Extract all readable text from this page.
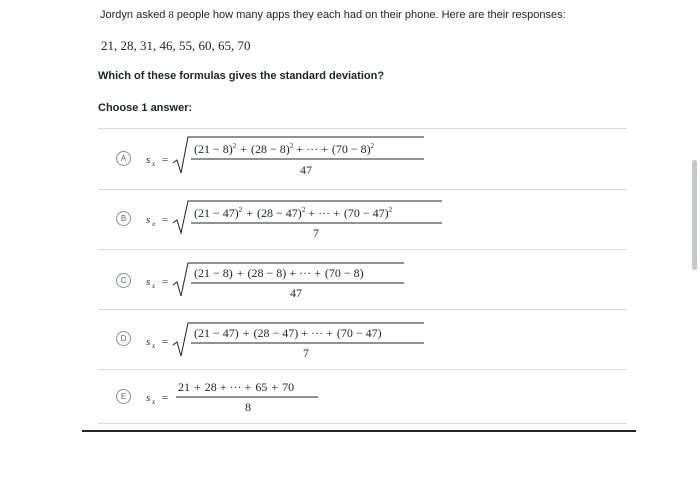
Jordyn asked 8 people how many apps they each had on their phone. Here are their responses:
21, 28, 31, 46, 55, 60, 65, 70
Which of these formulas gives the standard deviation?
Choose 1 answer:
A	s x =
$(21 - 8)^2 + (28 - 8)^2$ + ··· + $(70 - 8)^2$
47
B	s $x = (21 - 47)^2 + (28 - 47)^2$ + ··· + $(70 - 47)^2$
7
C	s x =
(21 − 8) + (28 − 8) + ··· + (70 − 8)
47
D	s x =
(21 − 47) + (28 − 47) + ··· + (70 − 47)
7
E	s x =
21 + 28 + ··· + 65 + 70
8
